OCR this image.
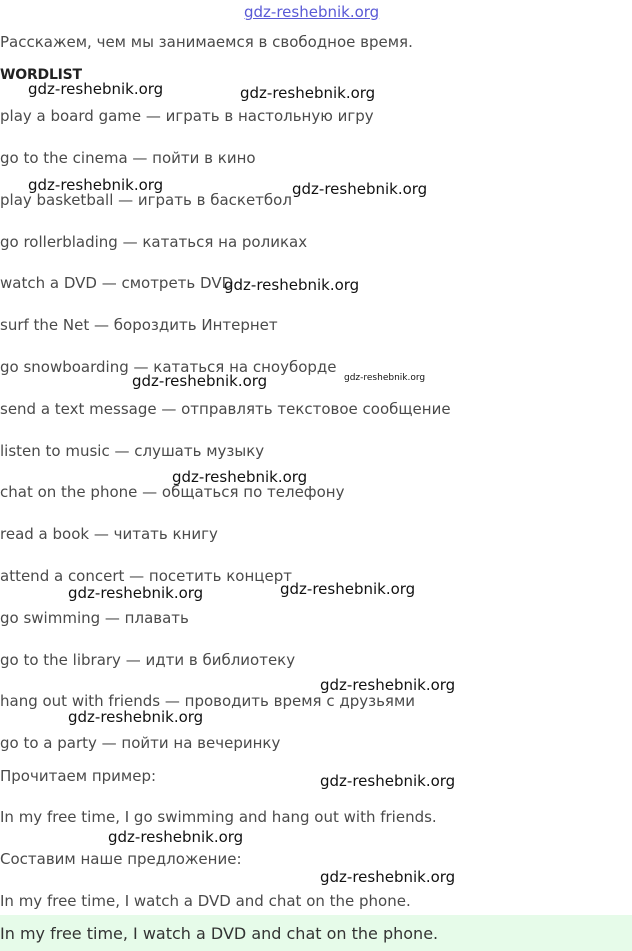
gdz-reshebnik.org
Расскажем, чем мы занимаемся в свободное время.
WORDLIST
play a board game — играть в настольную игру
go to the cinema — пойти в кино
play basketball — играть в баскетбол
go rollerblading — кататься на роликах
watch a DVD — смотреть DVD
surf the Net — бороздить Интернет
go snowboarding — кататься на сноуборде
send a text message — отправлять текстовое сообщение
listen to music — слушать музыку
chat on the phone — общаться по телефону
read a book — читать книгу
attend a concert — посетить концерт
go swimming — плавать
go to the library — идти в библиотеку
hang out with friends — проводить время с друзьями
go to a party — пойти на вечеринку
Прочитаем пример:
In my free time, I go swimming and hang out with friends.
Составим наше предложение:
In my free time, I watch a DVD and chat on the phone.
In my free time, I watch a DVD and chat on the phone.
gdz-reshebnik.org	gdz-reshebnik.org
gdz-reshebnik.org	gdz-reshebnik.org
gdz-reshebnik.org
gdz-reshebnik.org	gdz-reshebnik.org
gdz-reshebnik.org
gdz-reshebnik.org	gdz-reshebnik.org
gdz-reshebnik.org
gdz-reshebnik.org
gdz-reshebnik.org
gdz-reshebnik.org
gdz-reshebnik.org
